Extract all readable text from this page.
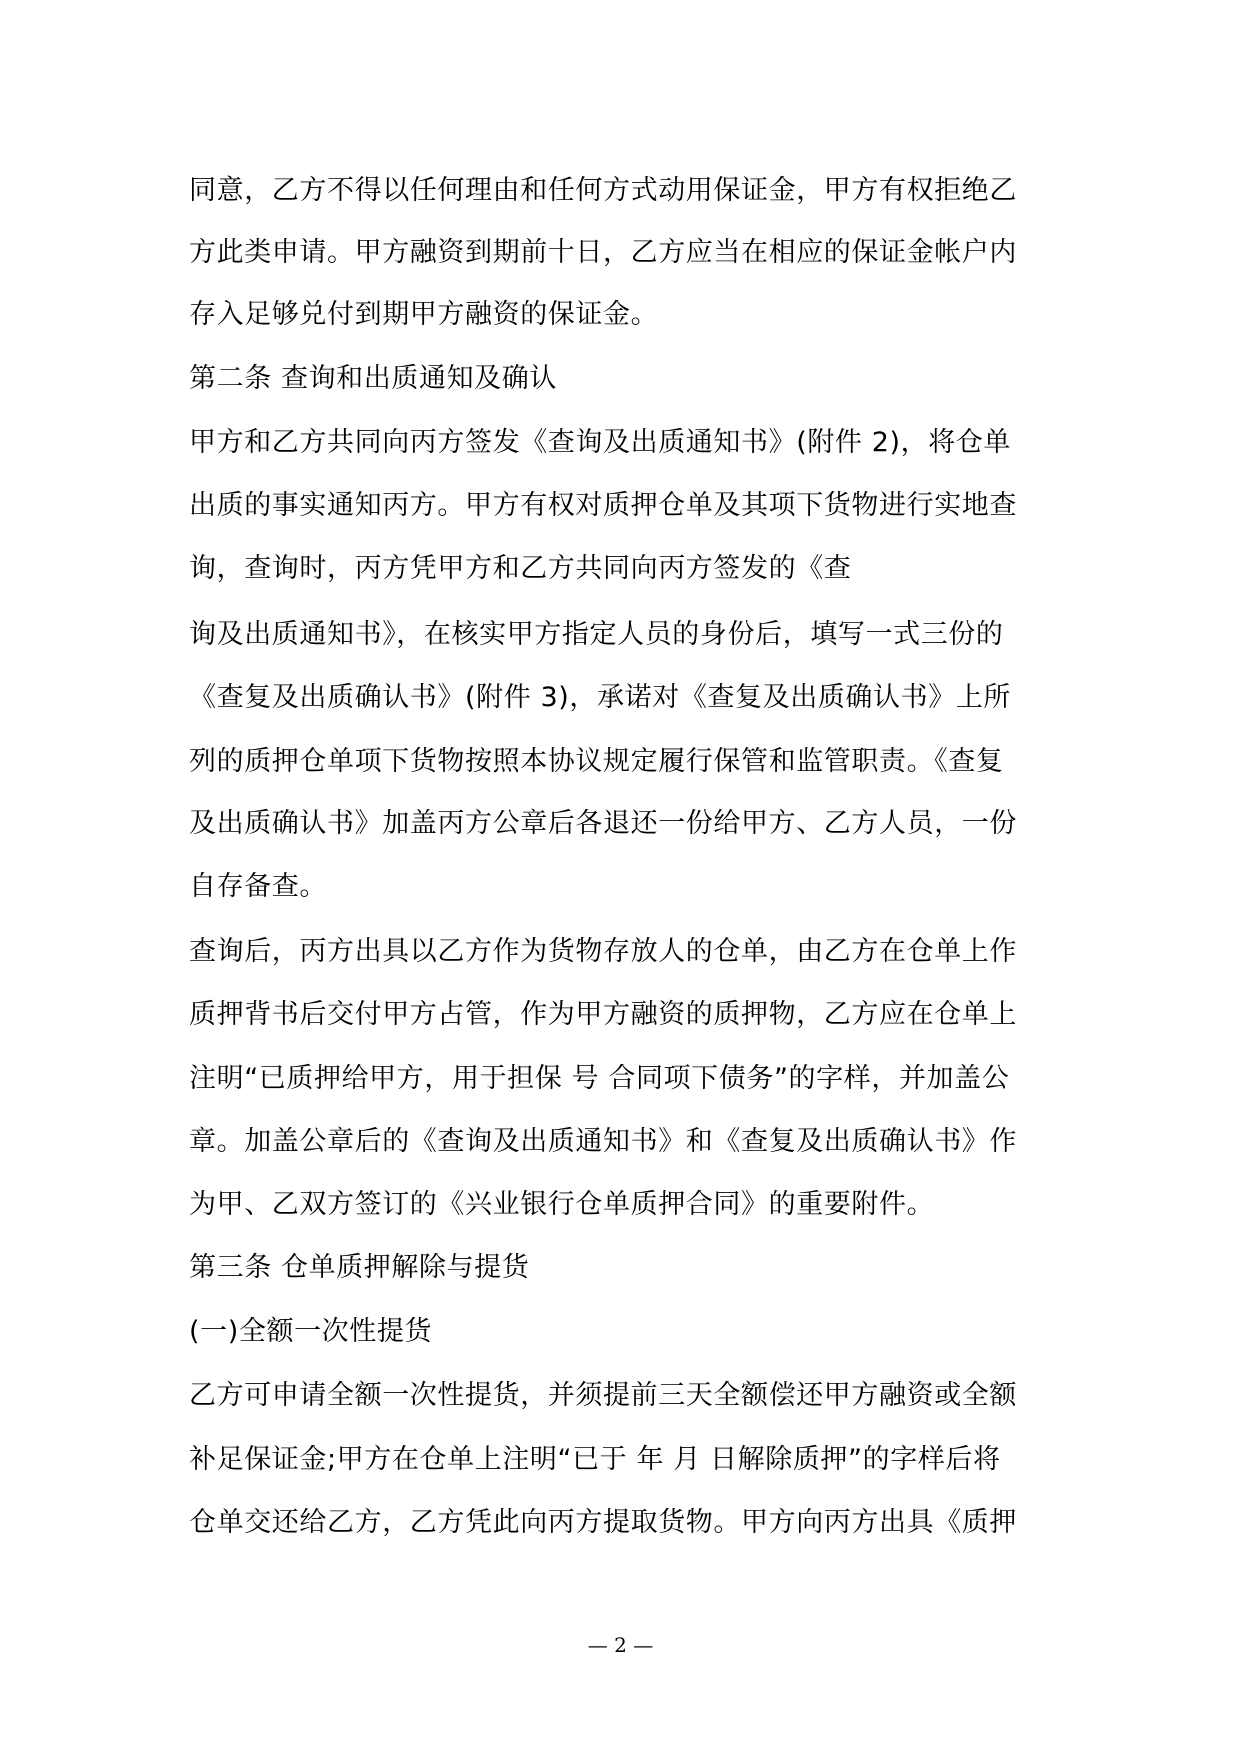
同意，乙方不得以任何理由和任何方式动用保证金，甲方有权拒绝乙
方此类申请。甲方融资到期前十日，乙方应当在相应的保证金帐户内
存入足够兑付到期甲方融资的保证金。
第二条 查询和出质通知及确认
甲方和乙方共同向丙方签发《查询及出质通知书》(附件 2)，将仓单
出质的事实通知丙方。甲方有权对质押仓单及其项下货物进行实地查
询，查询时，丙方凭甲方和乙方共同向丙方签发的《查
询及出质通知书》，在核实甲方指定人员的身份后，填写一式三份的
《查复及出质确认书》(附件 3)，承诺对《查复及出质确认书》上所
列的质押仓单项下货物按照本协议规定履行保管和监管职责。《查复
及出质确认书》加盖丙方公章后各退还一份给甲方、乙方人员，一份
自存备查。
查询后，丙方出具以乙方作为货物存放人的仓单，由乙方在仓单上作
质押背书后交付甲方占管，作为甲方融资的质押物，乙方应在仓单上
注明“已质押给甲方，用于担保 号 合同项下债务”的字样，并加盖公
章。加盖公章后的《查询及出质通知书》和《查复及出质确认书》作
为甲、乙双方签订的《兴业银行仓单质押合同》的重要附件。
第三条 仓单质押解除与提货
(一)全额一次性提货
乙方可申请全额一次性提货，并须提前三天全额偿还甲方融资或全额
补足保证金;甲方在仓单上注明“已于 年 月 日解除质押”的字样后将
仓单交还给乙方，乙方凭此向丙方提取货物。甲方向丙方出具《质押
— 2 —
